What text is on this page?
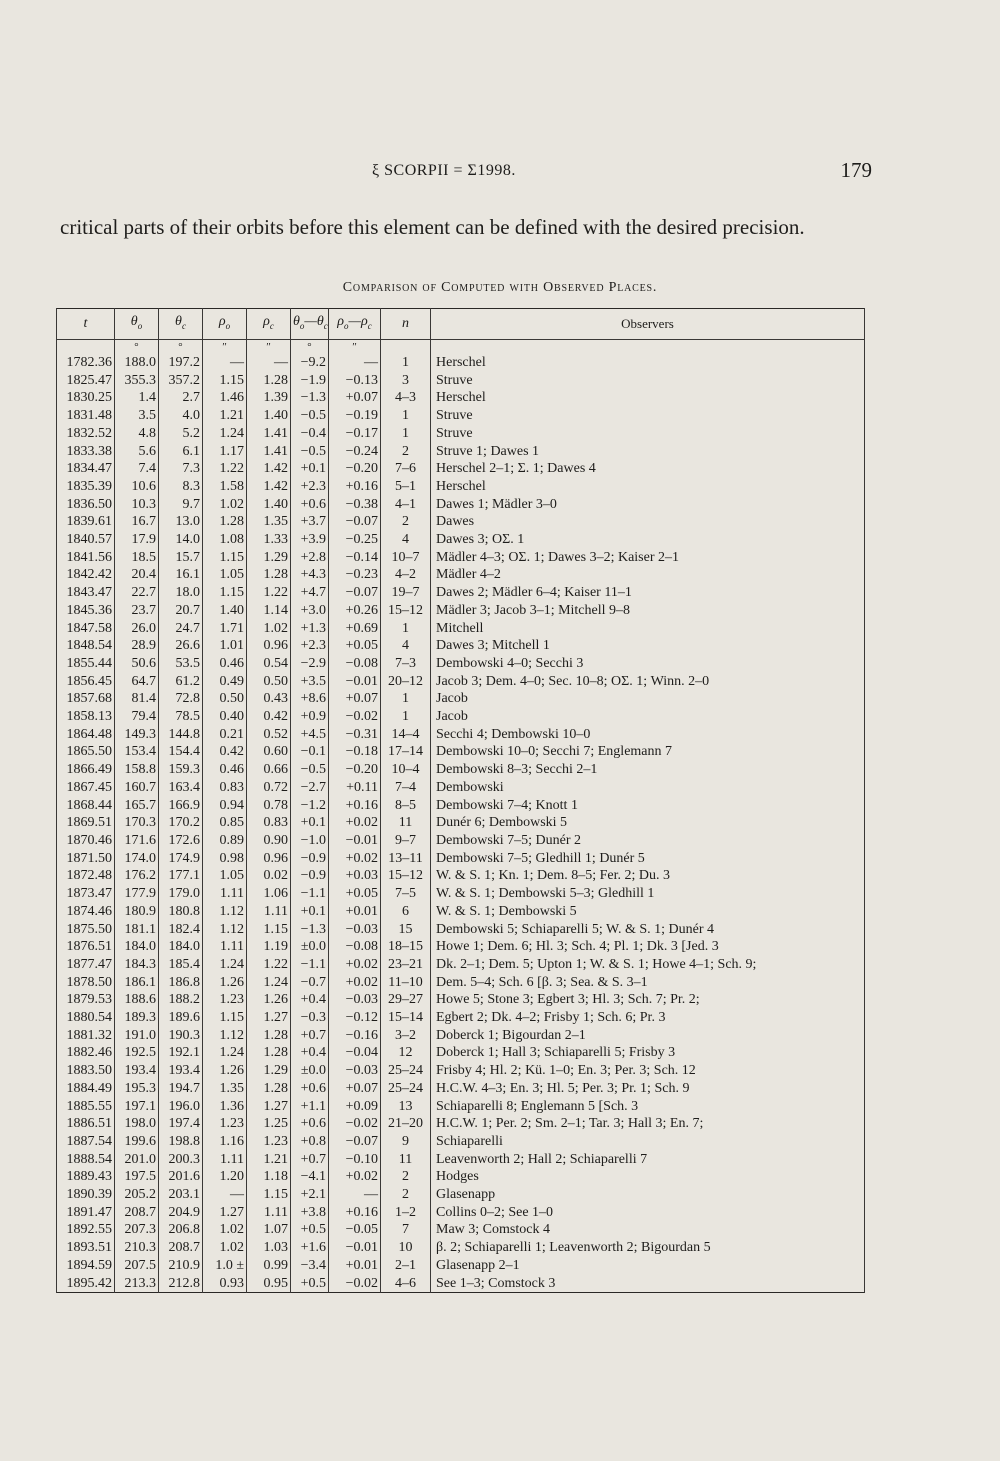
ξ SCORPII = Σ1998.	179

critical parts of their orbits before this element can be defined with the desired precision.

Comparison of Computed with Observed Places.
t	$\theta_o$	$\theta_c$	$\rho_o$	$\rho_c$	$\theta_o—\theta_c$	$\rho_o—\rho_c$	n	Observers
	°	°	″	″	°	″		
1782.36	188.0	197.2	—	—	−9.2	—	1	Herschel
1825.47	355.3	357.2	1.15	1.28	−1.9	−0.13	3	Struve
1830.25	1.4	2.7	1.46	1.39	−1.3	+0.07	4–3	Herschel
1831.48	3.5	4.0	1.21	1.40	−0.5	−0.19	1	Struve
1832.52	4.8	5.2	1.24	1.41	−0.4	−0.17	1	Struve
1833.38	5.6	6.1	1.17	1.41	−0.5	−0.24	2	Struve 1; Dawes 1
1834.47	7.4	7.3	1.22	1.42	+0.1	−0.20	7–6	Herschel 2–1; Σ. 1; Dawes 4
1835.39	10.6	8.3	1.58	1.42	+2.3	+0.16	5–1	Herschel
1836.50	10.3	9.7	1.02	1.40	+0.6	−0.38	4–1	Dawes 1; Mädler 3–0
1839.61	16.7	13.0	1.28	1.35	+3.7	−0.07	2	Dawes
1840.57	17.9	14.0	1.08	1.33	+3.9	−0.25	4	Dawes 3; OΣ. 1
1841.56	18.5	15.7	1.15	1.29	+2.8	−0.14	10–7	Mädler 4–3; OΣ. 1; Dawes 3–2; Kaiser 2–1
1842.42	20.4	16.1	1.05	1.28	+4.3	−0.23	4–2	Mädler 4–2
1843.47	22.7	18.0	1.15	1.22	+4.7	−0.07	19–7	Dawes 2; Mädler 6–4; Kaiser 11–1
1845.36	23.7	20.7	1.40	1.14	+3.0	+0.26	15–12	Mädler 3; Jacob 3–1; Mitchell 9–8
1847.58	26.0	24.7	1.71	1.02	+1.3	+0.69	1	Mitchell
1848.54	28.9	26.6	1.01	0.96	+2.3	+0.05	4	Dawes 3; Mitchell 1
1855.44	50.6	53.5	0.46	0.54	−2.9	−0.08	7–3	Dembowski 4–0; Secchi 3
1856.45	64.7	61.2	0.49	0.50	+3.5	−0.01	20–12	Jacob 3; Dem. 4–0; Sec. 10–8; OΣ. 1; Winn. 2–0
1857.68	81.4	72.8	0.50	0.43	+8.6	+0.07	1	Jacob
1858.13	79.4	78.5	0.40	0.42	+0.9	−0.02	1	Jacob
1864.48	149.3	144.8	0.21	0.52	+4.5	−0.31	14–4	Secchi 4; Dembowski 10–0
1865.50	153.4	154.4	0.42	0.60	−0.1	−0.18	17–14	Dembowski 10–0; Secchi 7; Englemann 7
1866.49	158.8	159.3	0.46	0.66	−0.5	−0.20	10–4	Dembowski 8–3; Secchi 2–1
1867.45	160.7	163.4	0.83	0.72	−2.7	+0.11	7–4	Dembowski
1868.44	165.7	166.9	0.94	0.78	−1.2	+0.16	8–5	Dembowski 7–4; Knott 1
1869.51	170.3	170.2	0.85	0.83	+0.1	+0.02	11	Dunér 6; Dembowski 5
1870.46	171.6	172.6	0.89	0.90	−1.0	−0.01	9–7	Dembowski 7–5; Dunér 2
1871.50	174.0	174.9	0.98	0.96	−0.9	+0.02	13–11	Dembowski 7–5; Gledhill 1; Dunér 5
1872.48	176.2	177.1	1.05	0.02	−0.9	+0.03	15–12	W. & S. 1; Kn. 1; Dem. 8–5; Fer. 2; Du. 3
1873.47	177.9	179.0	1.11	1.06	−1.1	+0.05	7–5	W. & S. 1; Dembowski 5–3; Gledhill 1
1874.46	180.9	180.8	1.12	1.11	+0.1	+0.01	6	W. & S. 1; Dembowski 5
1875.50	181.1	182.4	1.12	1.15	−1.3	−0.03	15	Dembowski 5; Schiaparelli 5; W. & S. 1; Dunér 4
1876.51	184.0	184.0	1.11	1.19	±0.0	−0.08	18–15	Howe 1; Dem. 6; Hl. 3; Sch. 4; Pl. 1; Dk. 3 [Jed. 3
1877.47	184.3	185.4	1.24	1.22	−1.1	+0.02	23–21	Dk. 2–1; Dem. 5; Upton 1; W. & S. 1; Howe 4–1; Sch. 9;
1878.50	186.1	186.8	1.26	1.24	−0.7	+0.02	11–10	Dem. 5–4; Sch. 6 [β. 3; Sea. & S. 3–1
1879.53	188.6	188.2	1.23	1.26	+0.4	−0.03	29–27	Howe 5; Stone 3; Egbert 3; Hl. 3; Sch. 7; Pr. 2;
1880.54	189.3	189.6	1.15	1.27	−0.3	−0.12	15–14	Egbert 2; Dk. 4–2; Frisby 1; Sch. 6; Pr. 3
1881.32	191.0	190.3	1.12	1.28	+0.7	−0.16	3–2	Doberck 1; Bigourdan 2–1
1882.46	192.5	192.1	1.24	1.28	+0.4	−0.04	12	Doberck 1; Hall 3; Schiaparelli 5; Frisby 3
1883.50	193.4	193.4	1.26	1.29	±0.0	−0.03	25–24	Frisby 4; Hl. 2; Kü. 1–0; En. 3; Per. 3; Sch. 12
1884.49	195.3	194.7	1.35	1.28	+0.6	+0.07	25–24	H.C.W. 4–3; En. 3; Hl. 5; Per. 3; Pr. 1; Sch. 9
1885.55	197.1	196.0	1.36	1.27	+1.1	+0.09	13	Schiaparelli 8; Englemann 5 [Sch. 3
1886.51	198.0	197.4	1.23	1.25	+0.6	−0.02	21–20	H.C.W. 1; Per. 2; Sm. 2–1; Tar. 3; Hall 3; En. 7;
1887.54	199.6	198.8	1.16	1.23	+0.8	−0.07	9	Schiaparelli
1888.54	201.0	200.3	1.11	1.21	+0.7	−0.10	11	Leavenworth 2; Hall 2; Schiaparelli 7
1889.43	197.5	201.6	1.20	1.18	−4.1	+0.02	2	Hodges
1890.39	205.2	203.1	—	1.15	+2.1	—	2	Glasenapp
1891.47	208.7	204.9	1.27	1.11	+3.8	+0.16	1–2	Collins 0–2; See 1–0
1892.55	207.3	206.8	1.02	1.07	+0.5	−0.05	7	Maw 3; Comstock 4
1893.51	210.3	208.7	1.02	1.03	+1.6	−0.01	10	β. 2; Schiaparelli 1; Leavenworth 2; Bigourdan 5
1894.59	207.5	210.9	1.0 ±	0.99	−3.4	+0.01	2–1	Glasenapp 2–1
1895.42	213.3	212.8	0.93	0.95	+0.5	−0.02	4–6	See 1–3; Comstock 3
